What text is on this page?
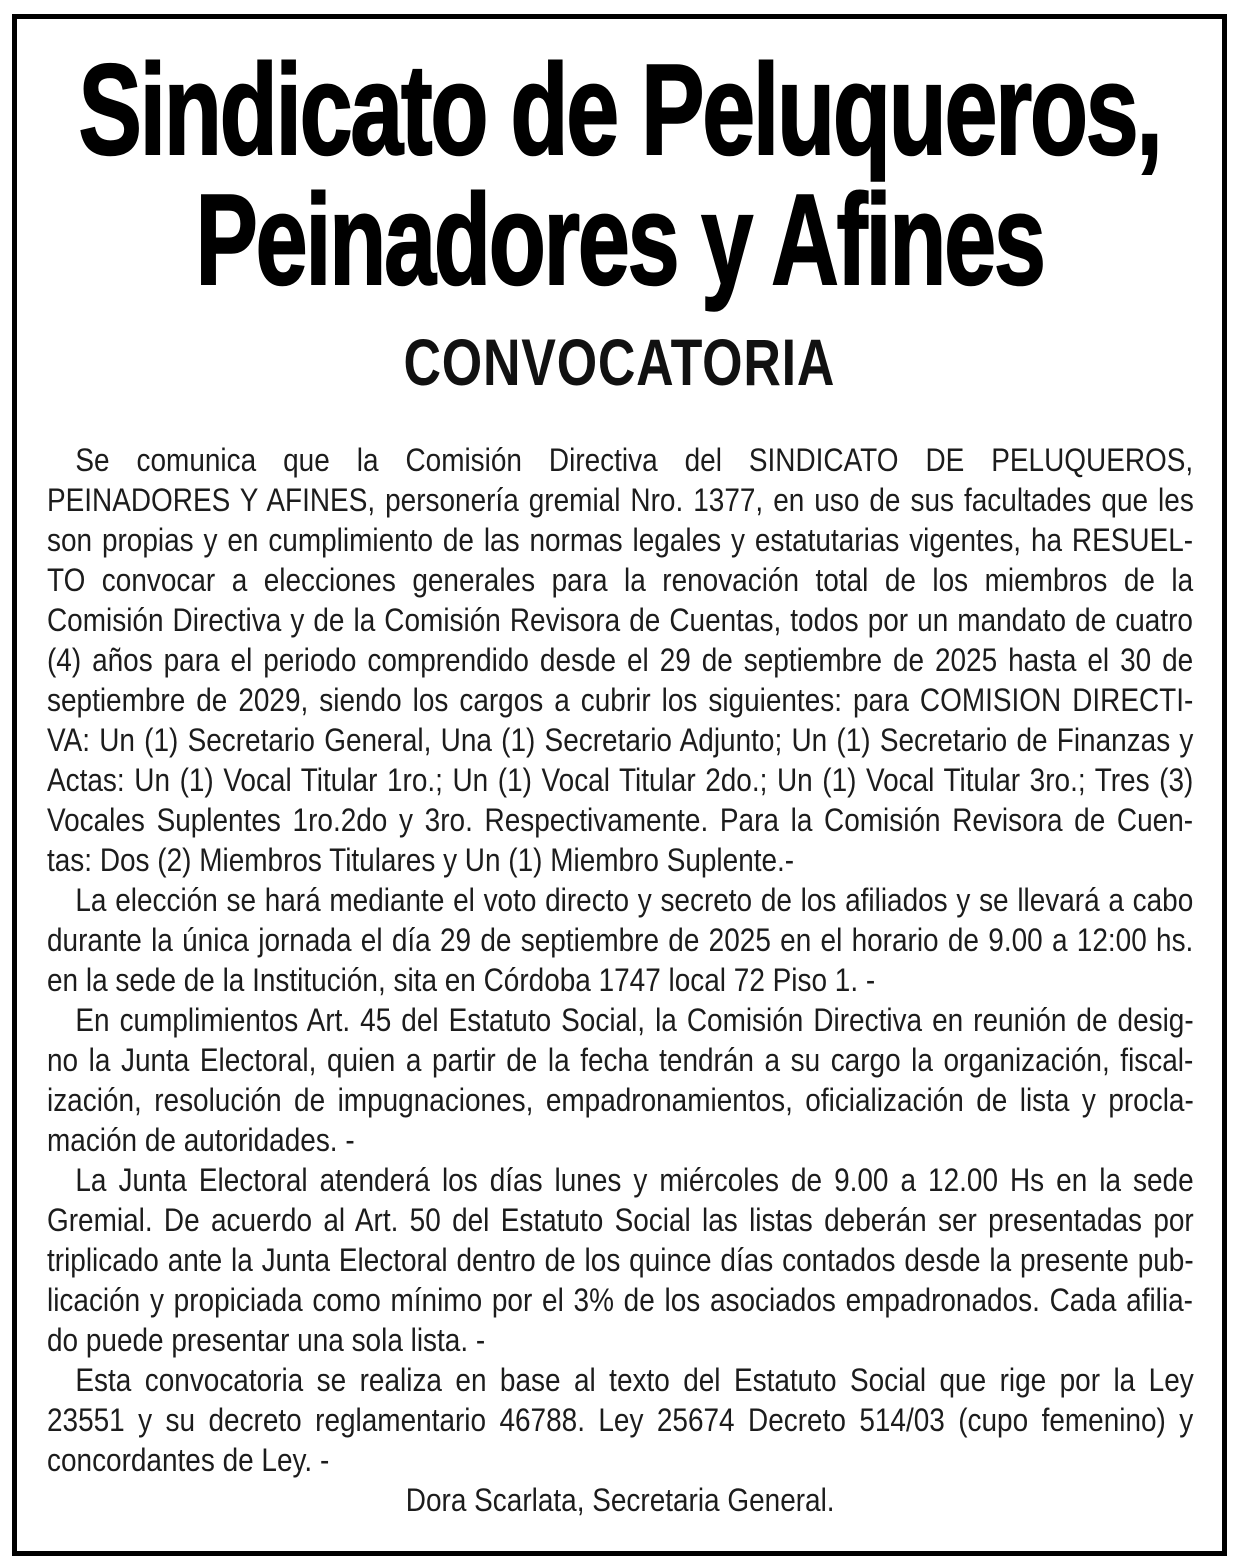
Sindicato de Peluqueros,
Peinadores y Afines
CONVOCATORIA
Se comunica que la Comisión Directiva del SINDICATO DE PELUQUEROS,
PEINADORES Y AFINES, personería gremial Nro. 1377, en uso de sus facultades que les
son propias y en cumplimiento de las normas legales y estatutarias vigentes, ha RESUEL-
TO convocar a elecciones generales para la renovación total de los miembros de la
Comisión Directiva y de la Comisión Revisora de Cuentas, todos por un mandato de cuatro
(4) años para el periodo comprendido desde el 29 de septiembre de 2025 hasta el 30 de
septiembre de 2029, siendo los cargos a cubrir los siguientes: para COMISION DIRECTI-
VA: Un (1) Secretario General, Una (1) Secretario Adjunto; Un (1) Secretario de Finanzas y
Actas: Un (1) Vocal Titular 1ro.; Un (1) Vocal Titular 2do.; Un (1) Vocal Titular 3ro.; Tres (3)
Vocales Suplentes 1ro.2do y 3ro. Respectivamente. Para la Comisión Revisora de Cuen-
tas: Dos (2) Miembros Titulares y Un (1) Miembro Suplente.-
La elección se hará mediante el voto directo y secreto de los afiliados y se llevará a cabo
durante la única jornada el día 29 de septiembre de 2025 en el horario de 9.00 a 12:00 hs.
en la sede de la Institución, sita en Córdoba 1747 local 72 Piso 1. -
En cumplimientos Art. 45 del Estatuto Social, la Comisión Directiva en reunión de desig-
no la Junta Electoral, quien a partir de la fecha tendrán a su cargo la organización, fiscal-
ización, resolución de impugnaciones, empadronamientos, oficialización de lista y procla-
mación de autoridades. -
La Junta Electoral atenderá los días lunes y miércoles de 9.00 a 12.00 Hs en la sede
Gremial. De acuerdo al Art. 50 del Estatuto Social las listas deberán ser presentadas por
triplicado ante la Junta Electoral dentro de los quince días contados desde la presente pub-
licación y propiciada como mínimo por el 3% de los asociados empadronados. Cada afilia-
do puede presentar una sola lista. -
Esta convocatoria se realiza en base al texto del Estatuto Social que rige por la Ley
23551 y su decreto reglamentario 46788. Ley 25674 Decreto 514/03 (cupo femenino) y
concordantes de Ley. -
Dora Scarlata, Secretaria General.
